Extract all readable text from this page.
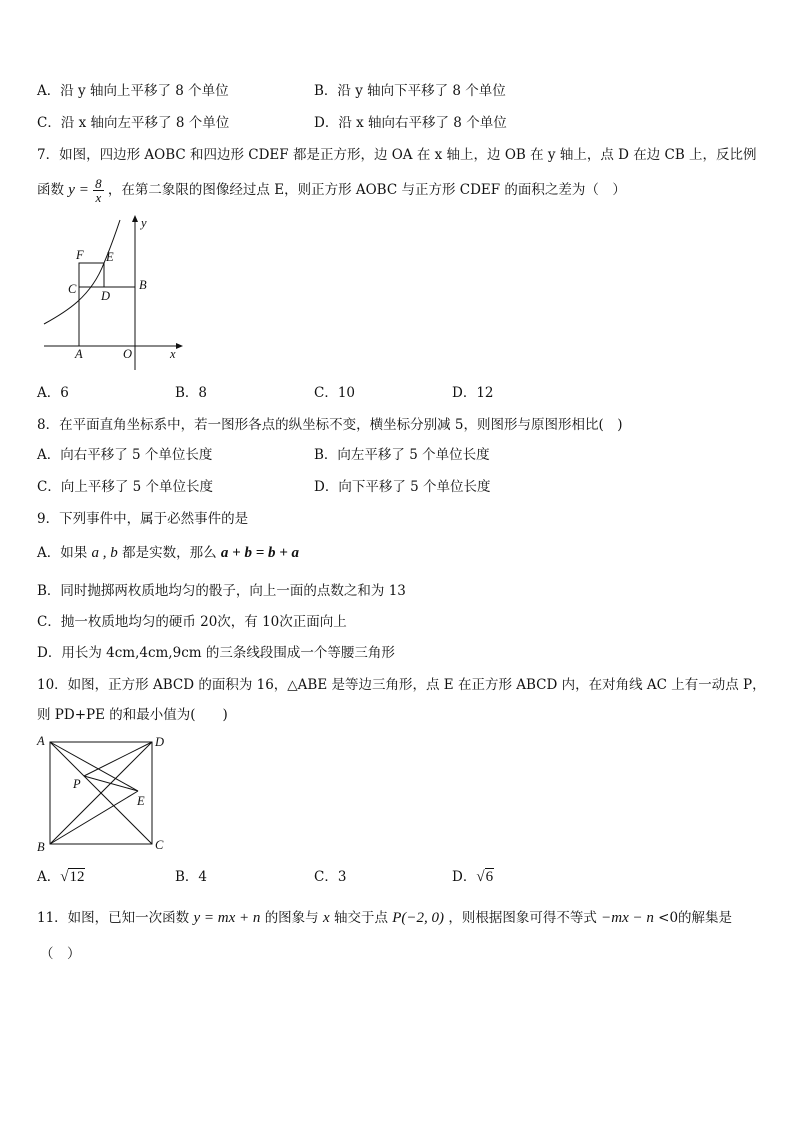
A．沿 y 轴向上平移了 8 个单位	B．沿 y 轴向下平移了 8 个单位
C．沿 x 轴向左平移了 8 个单位	D．沿 x 轴向右平移了 8 个单位
7．如图，四边形 AOBC 和四边形 CDEF 都是正方形，边 OA 在 x 轴上，边 OB 在 y 轴上，点 D 在边 CB 上，反比例
函数 $y = \frac{8}{x}$ ，在第二象限的图像经过点 E，则正方形 AOBC 与正方形 CDEF 的面积之差为（　）
F E
C D
B
A	O	x
y
A．6	B．8	C．10	D．12
8．在平面直角坐标系中，若一图形各点的纵坐标不变，横坐标分别减 5，则图形与原图形相比(　)
A．向右平移了 5 个单位长度	B．向左平移了 5 个单位长度
C．向上平移了 5 个单位长度	D．向下平移了 5 个单位长度
9．下列事件中，属于必然事件的是
A．如果 a , b 都是实数，那么 a + b = b + a
B．同时抛掷两枚质地均匀的骰子，向上一面的点数之和为 13
C．抛一枚质地均匀的硬币 20次，有 10次正面向上
D．用长为 4cm,4cm,9cm 的三条线段围成一个等腰三角形
10．如图，正方形 ABCD 的面积为 16，△ABE 是等边三角形，点 E 在正方形 ABCD 内，在对角线 AC 上有一动点 P，
则 PD+PE 的和最小值为(　　)
A	D
P
E
B	C
A．√12	B．4	C．3	D．√6
11．如图，已知一次函数 y = mx + n 的图象与 x 轴交于点 P(−2, 0) ，则根据图象可得不等式 −mx − n <0的解集是
（　）
